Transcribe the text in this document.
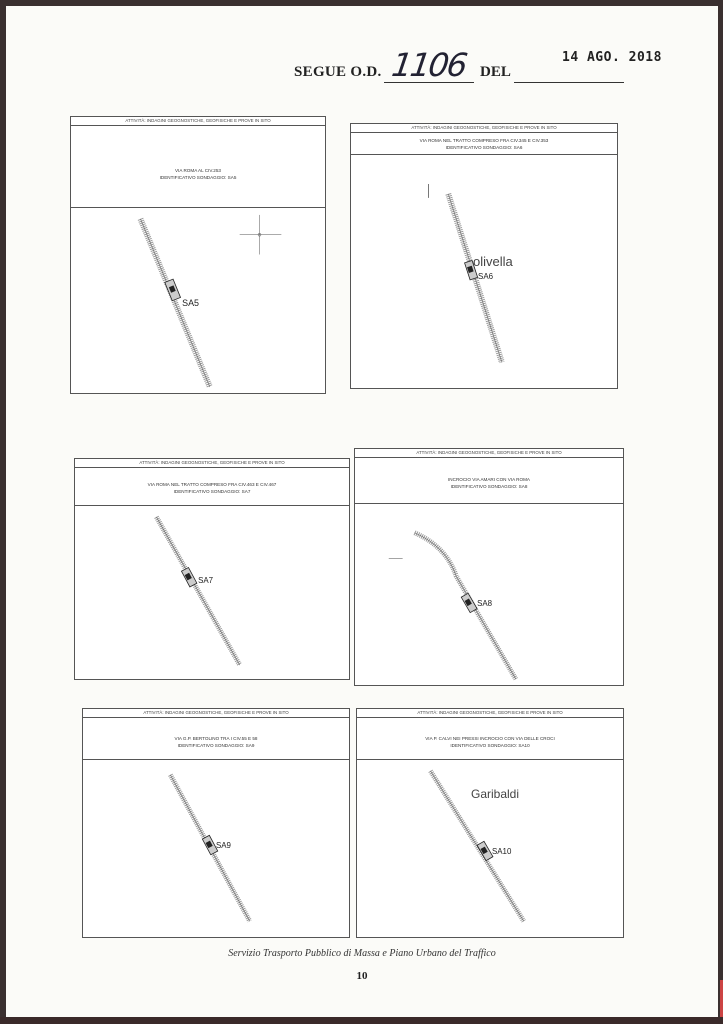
SEGUE O.D. 1106 DEL
14 AGO. 2018
ATTIVITÀ: INDAGINI GEOGNOSTICHE, GEOFISICHE E PROVE IN SITO
VIA ROMA AL CIV.253
IDENTIFICATIVO SONDAGGIO: SA5
SA5
ATTIVITÀ: INDAGINI GEOGNOSTICHE, GEOFISICHE E PROVE IN SITO
VIA ROMA NEL TRATTO COMPRESO FRA CIV.345 E CIV.353
IDENTIFICATIVO SONDAGGIO: SA6
SA6
olivella
ATTIVITÀ: INDAGINI GEOGNOSTICHE, GEOFISICHE E PROVE IN SITO
VIA ROMA NEL TRATTO COMPRESO FRA CIV.463 E CIV.467
IDENTIFICATIVO SONDAGGIO: SA7
SA7
ATTIVITÀ: INDAGINI GEOGNOSTICHE, GEOFISICHE E PROVE IN SITO
INCROCIO VIA AMARI CON VIA ROMA
IDENTIFICATIVO SONDAGGIO: SA8
SA8
ATTIVITÀ: INDAGINI GEOGNOSTICHE, GEOFISICHE E PROVE IN SITO
VIA G.P. BERTOLINO TRA I CIV.55 E 58
IDENTIFICATIVO SONDAGGIO: SA9
SA9
ATTIVITÀ: INDAGINI GEOGNOSTICHE, GEOFISICHE E PROVE IN SITO
VIA P. CALVI NEI PRESSI INCROCIO CON VIA DELLE CROCI
IDENTIFICATIVO SONDAGGIO: SA10
SA10
Garibaldi
Servizio Trasporto Pubblico di Massa e Piano Urbano del Traffico
10
